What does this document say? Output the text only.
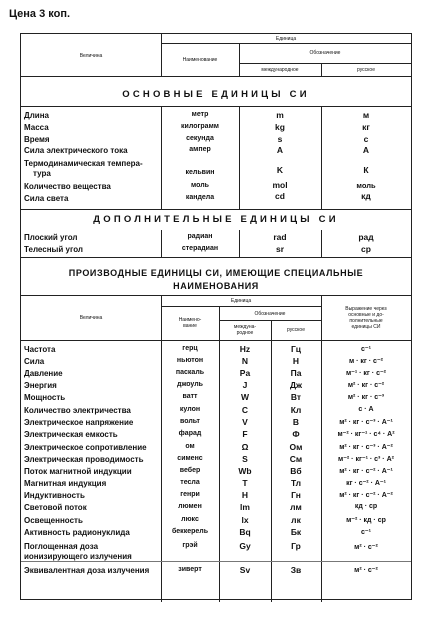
Цена 3 коп.
Величина
Единица
Наименование
Обозначение
международное	русское
ОСНОВНЫЕ ЕДИНИЦЫ СИ
Длина	метр	m	м
Масса	килограмм	kg	кг
Время	секунда	s	с
Сила электрического тока	ампер	A	А
Термодинамическая темпера-
тура	кельвин	K	К
Количество вещества	моль	mol	моль
Сила света	кандела	cd	кд
ДОПОЛНИТЕЛЬНЫЕ ЕДИНИЦЫ СИ
Плоский угол	радиан	rad	рад
Телесный угол	стерадиан	sr	ср
ПРОИЗВОДНЫЕ ЕДИНИЦЫ СИ, ИМЕЮЩИЕ СПЕЦИАЛЬНЫЕ
НАИМЕНОВАНИЯ
Величина
Единица
Наимено-
вание
Обозначение
междуна-
родное	русское
Выражение через
основные и до-
полнительные
единицы СИ
Частота	герц	Hz	Гц	с⁻¹
Сила	ньютон	N	Н	м · кг · с⁻²
Давление	паскаль	Pa	Па	м⁻¹ · кг · с⁻²
Энергия	джоуль	J	Дж	м² · кг · с⁻²
Мощность	ватт	W	Вт	м² · кг · с⁻³
Количество электричества	кулон	C	Кл	с · А
Электрическое напряжение	вольт	V	В	м² · кг · с⁻³ · А⁻¹
Электрическая емкость	фарад	F	Ф	м⁻² · кг⁻¹ · с⁴ · А²
Электрическое сопротивление	ом	Ω	Ом	м² · кг · с⁻³ · А⁻²
Электрическая проводимость	сименс	S	См	м⁻² · кг⁻¹ · с³ · А²
Поток магнитной индукции	вебер	Wb	Вб	м² · кг · с⁻² · А⁻¹
Магнитная индукция	тесла	T	Тл	кг · с⁻² · А⁻¹
Индуктивность	генри	H	Гн	м² · кг · с⁻² · А⁻²
Световой поток	люмен	lm	лм	кд · ср
Освещенность	люкс	lx	лк	м⁻² · кд · ср
Активность радионуклида	беккерель	Bq	Бк	с⁻¹
Поглощенная доза
ионизирующего излучения
грэй	Gy	Гр	м² · с⁻²
Эквивалентная доза излучения	зиверт	Sv	Зв	м² · с⁻²
